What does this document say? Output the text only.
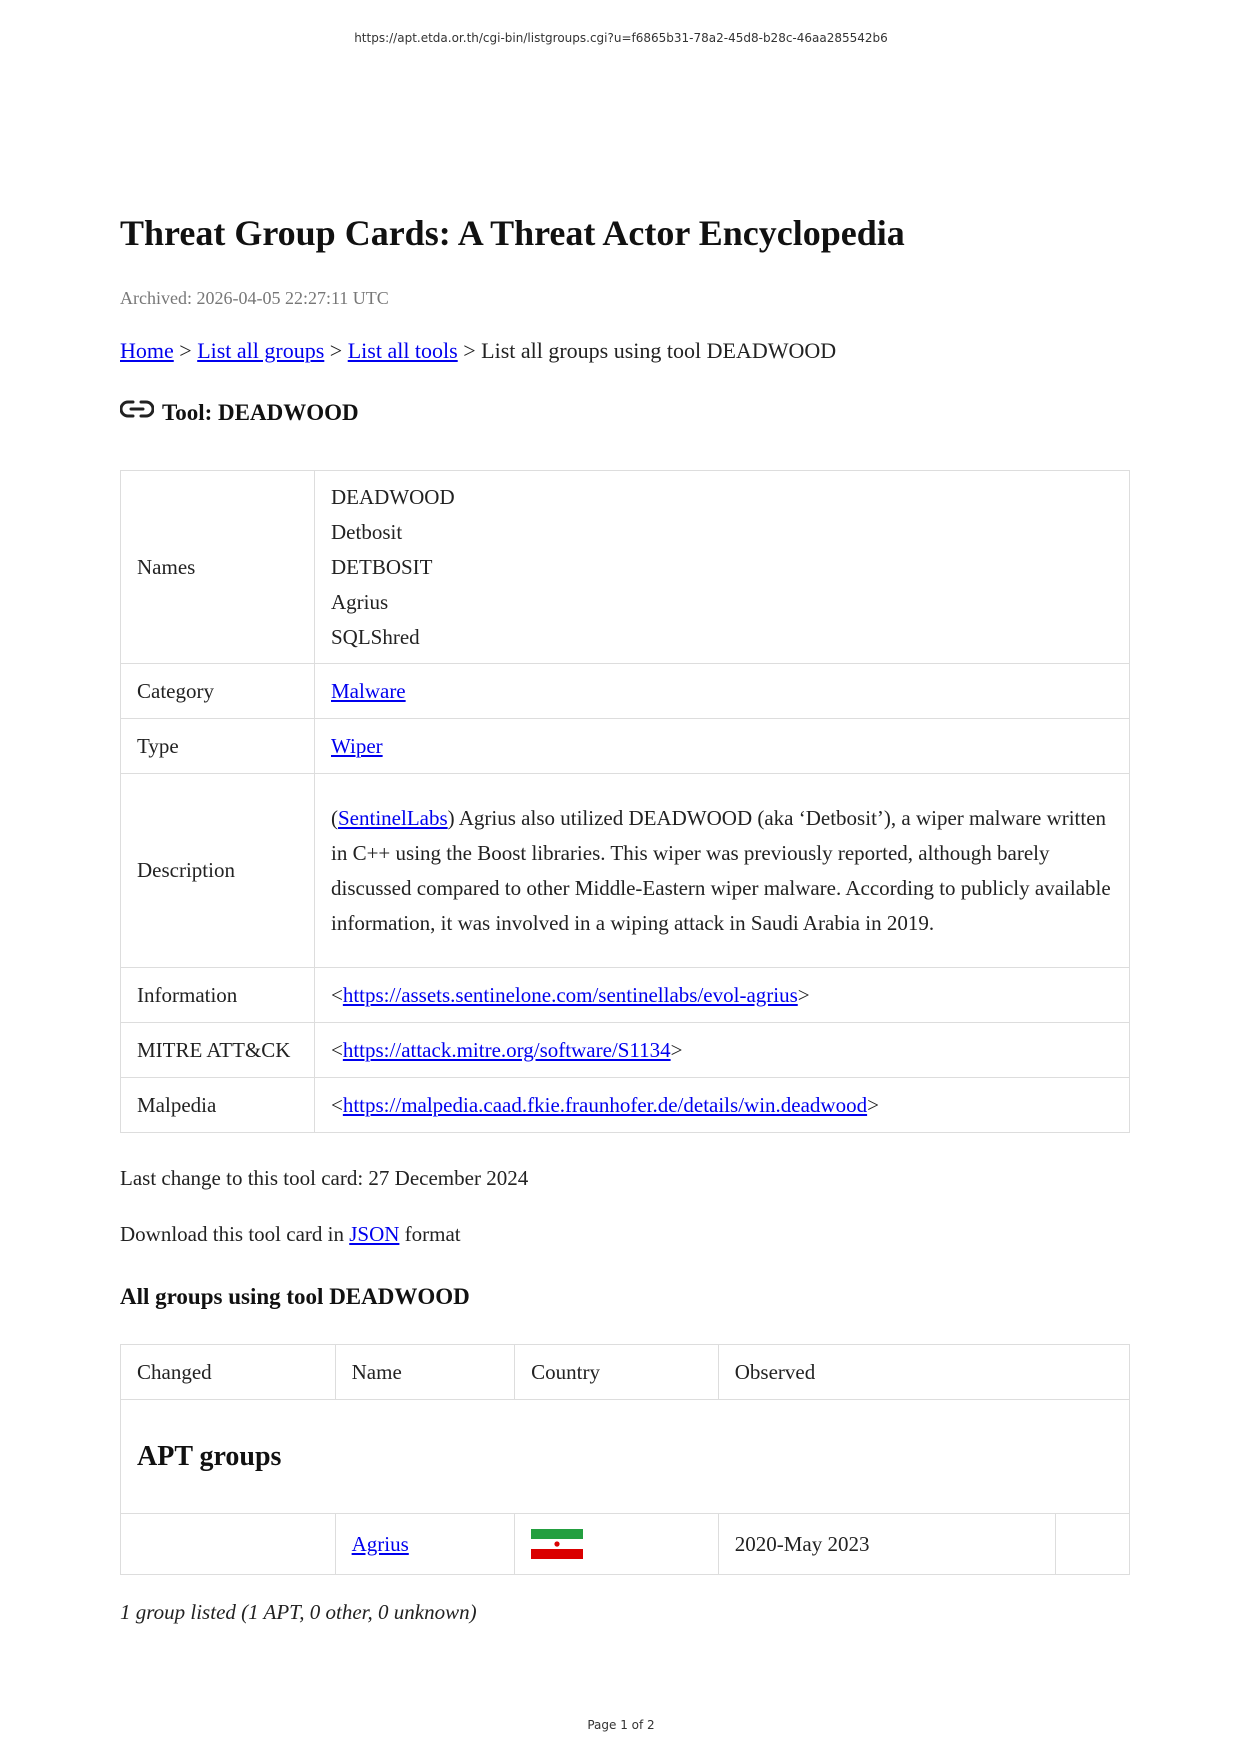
https://apt.etda.or.th/cgi-bin/listgroups.cgi?u=f6865b31-78a2-45d8-b28c-46aa285542b6
Threat Group Cards: A Threat Actor Encyclopedia
Archived: 2026-04-05 22:27:11 UTC
Home > List all groups > List all tools > List all groups using tool DEADWOOD
Tool: DEADWOOD
Names	DEADWOOD
Detbosit
DETBOSIT
Agrius
SQLShred

Category	Malware
Type	Wiper
Description	(SentinelLabs) Agrius also utilized DEADWOOD (aka ‘Detbosit’), a wiper malware written in C++ using the Boost libraries. This wiper was previously reported, although barely discussed compared to other Middle-Eastern wiper malware. According to publicly available information, it was involved in a wiping attack in Saudi Arabia in 2019.
Information	<https://assets.sentinelone.com/sentinellabs/evol-agrius>
MITRE ATT&CK	<https://attack.mitre.org/software/S1134>
Malpedia	<https://malpedia.caad.fkie.fraunhofer.de/details/win.deadwood>
Last change to this tool card: 27 December 2024
Download this tool card in JSON format
All groups using tool DEADWOOD
Changed	Name	Country	Observed	
APT groups				
	Agrius		2020-May 2023	
1 group listed (1 APT, 0 other, 0 unknown)
Page 1 of 2
